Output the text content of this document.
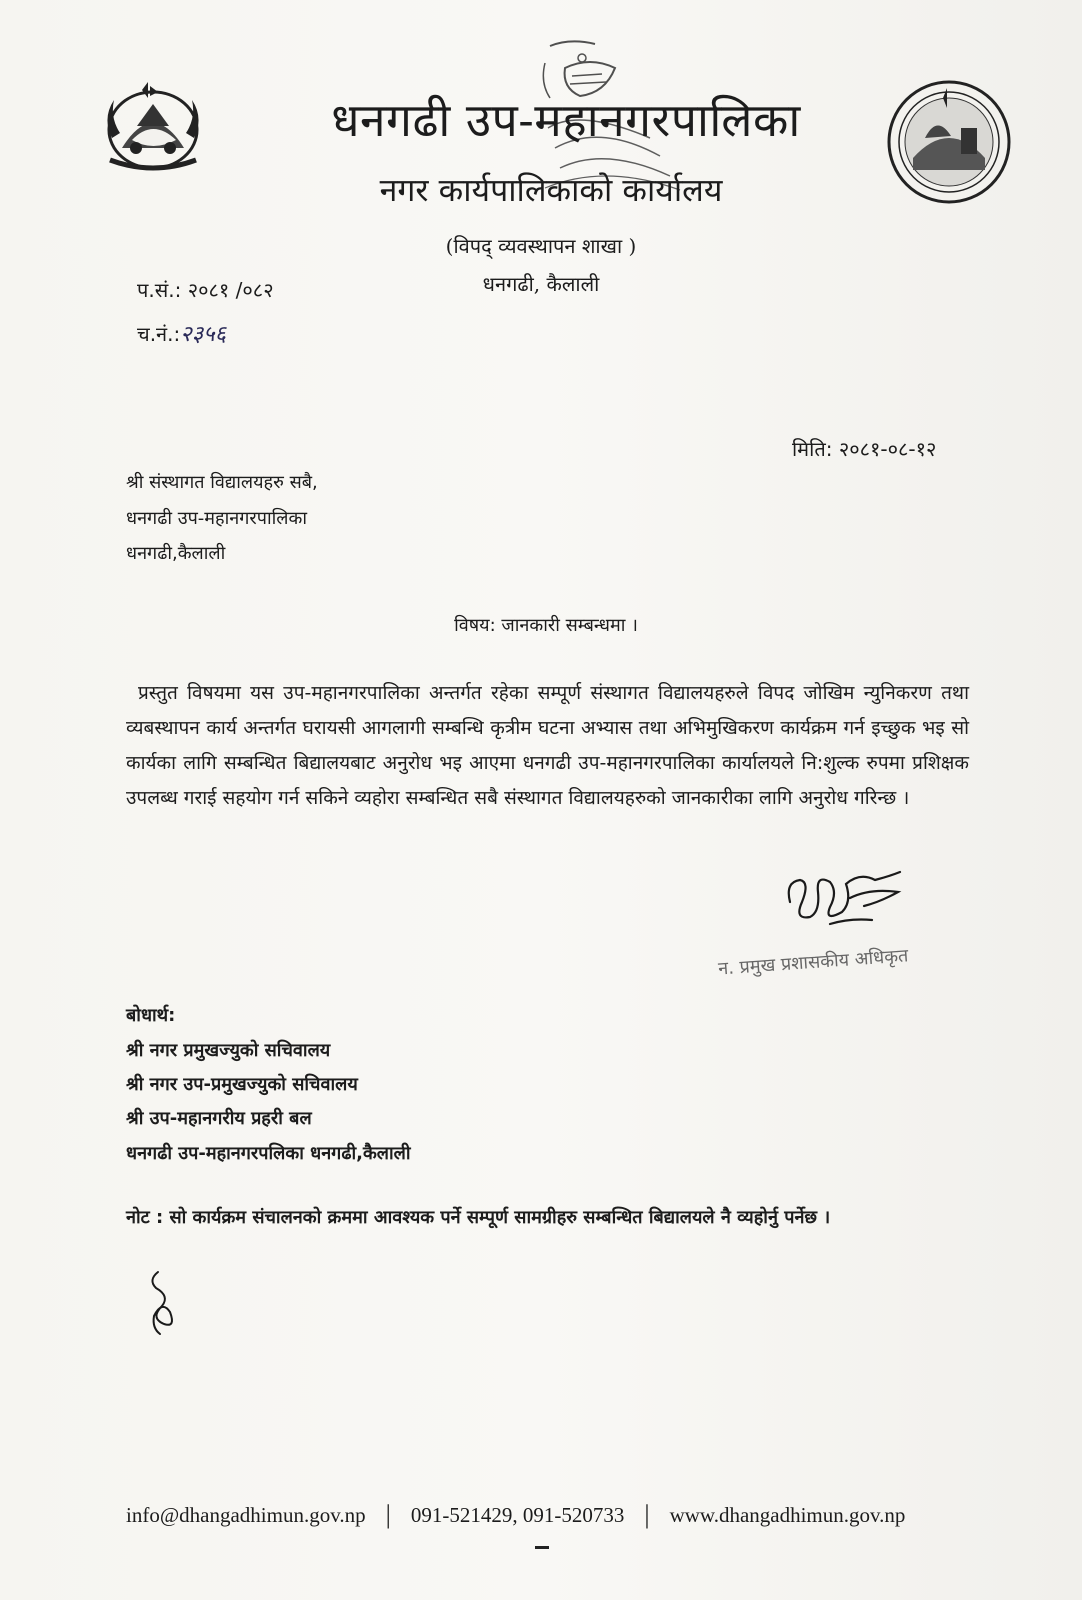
धनगढी उप-महानगरपालिका
नगर कार्यपालिकाको कार्यालय
(विपद् व्यवस्थापन शाखा )
धनगढी, कैलाली
प.सं.: २०८१ /०८२
च.नं.:२३५६
मिति: २०८१-०८-१२
श्री संस्थागत विद्यालयहरु सबै,
धनगढी उप-महानगरपालिका
धनगढी,कैलाली
विषय: जानकारी सम्बन्धमा ।

प्रस्तुत विषयमा यस उप-महानगरपालिका अन्तर्गत रहेका सम्पूर्ण संस्थागत विद्यालयहरुले विपद जोखिम न्युनिकरण तथा व्यबस्थापन कार्य अन्तर्गत घरायसी आगलागी सम्बन्धि कृत्रीम घटना अभ्यास तथा अभिमुखिकरण कार्यक्रम गर्न इच्छुक भइ सो कार्यका लागि सम्बन्धित बिद्यालयबाट अनुरोध भइ आएमा धनगढी उप-महानगरपालिका कार्यालयले नि:शुल्क रुपमा प्रशिक्षक उपलब्ध गराई सहयोग गर्न सकिने व्यहोरा सम्बन्धित सबै संस्थागत विद्यालयहरुको जानकारीका लागि अनुरोध गरिन्छ ।

न. प्रमुख प्रशासकीय अधिकृत
बोधार्थ:
श्री नगर प्रमुखज्युको सचिवालय
श्री नगर उप-प्रमुखज्युको सचिवालय
श्री उप-महानगरीय प्रहरी बल
धनगढी उप-महानगरपलिका धनगढी,कैलाली

नोट : सो कार्यक्रम संचालनको क्रममा आवश्यक पर्ने सम्पूर्ण सामग्रीहरु सम्बन्धित बिद्यालयले नै व्यहोर्नु पर्नेछ ।

info@dhangadhimun.gov.np | 091-521429, 091-520733 | www.dhangadhimun.gov.np
